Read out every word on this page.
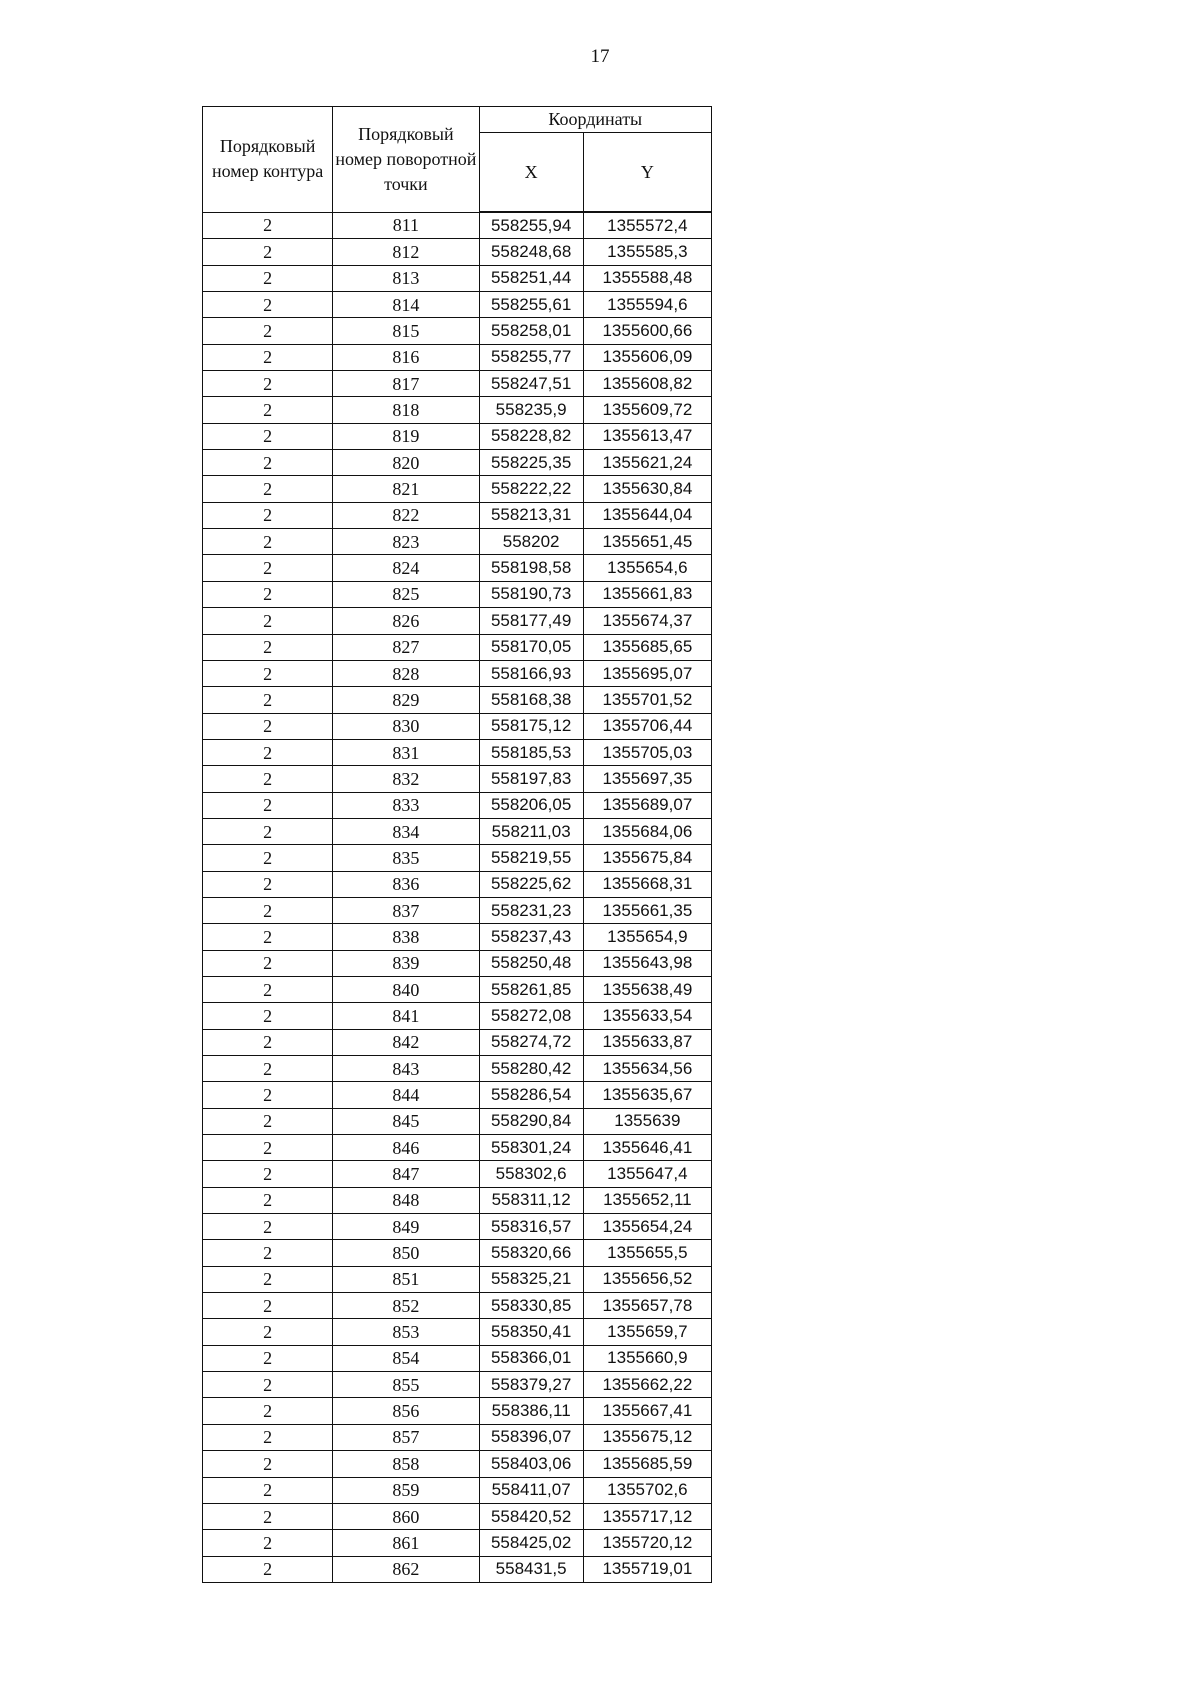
17
Порядковый номер контура	Порядковый номер поворотной точки	Координаты	
		X	Y
2	811	558255,94	1355572,4
2	812	558248,68	1355585,3
2	813	558251,44	1355588,48
2	814	558255,61	1355594,6
2	815	558258,01	1355600,66
2	816	558255,77	1355606,09
2	817	558247,51	1355608,82
2	818	558235,9	1355609,72
2	819	558228,82	1355613,47
2	820	558225,35	1355621,24
2	821	558222,22	1355630,84
2	822	558213,31	1355644,04
2	823	558202	1355651,45
2	824	558198,58	1355654,6
2	825	558190,73	1355661,83
2	826	558177,49	1355674,37
2	827	558170,05	1355685,65
2	828	558166,93	1355695,07
2	829	558168,38	1355701,52
2	830	558175,12	1355706,44
2	831	558185,53	1355705,03
2	832	558197,83	1355697,35
2	833	558206,05	1355689,07
2	834	558211,03	1355684,06
2	835	558219,55	1355675,84
2	836	558225,62	1355668,31
2	837	558231,23	1355661,35
2	838	558237,43	1355654,9
2	839	558250,48	1355643,98
2	840	558261,85	1355638,49
2	841	558272,08	1355633,54
2	842	558274,72	1355633,87
2	843	558280,42	1355634,56
2	844	558286,54	1355635,67
2	845	558290,84	1355639
2	846	558301,24	1355646,41
2	847	558302,6	1355647,4
2	848	558311,12	1355652,11
2	849	558316,57	1355654,24
2	850	558320,66	1355655,5
2	851	558325,21	1355656,52
2	852	558330,85	1355657,78
2	853	558350,41	1355659,7
2	854	558366,01	1355660,9
2	855	558379,27	1355662,22
2	856	558386,11	1355667,41
2	857	558396,07	1355675,12
2	858	558403,06	1355685,59
2	859	558411,07	1355702,6
2	860	558420,52	1355717,12
2	861	558425,02	1355720,12
2	862	558431,5	1355719,01
